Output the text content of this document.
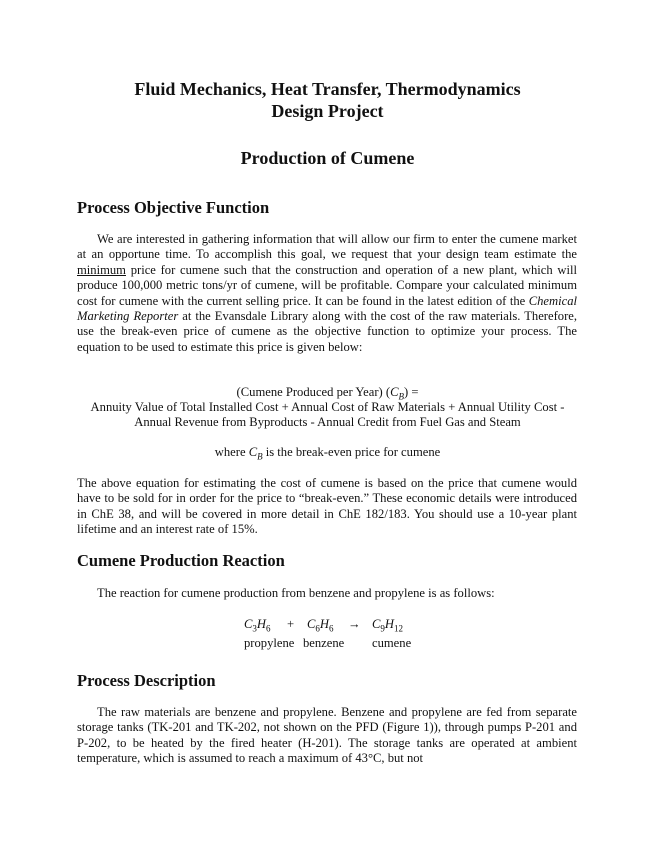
Fluid Mechanics, Heat Transfer, Thermodynamics
Design Project
Production of Cumene
Process Objective Function
We are interested in gathering information that will allow our firm to enter the cumene market at an opportune time. To accomplish this goal, we request that your design team estimate the minimum price for cumene such that the construction and operation of a new plant, which will produce 100,000 metric tons/yr of cumene, will be profitable. Compare your calculated minimum cost for cumene with the current selling price. It can be found in the latest edition of the Chemical Marketing Reporter at the Evansdale Library along with the cost of the raw materials. Therefore, use the break-even price of cumene as the objective function to optimize your process. The equation to be used to estimate this price is given below:
(Cumene Produced per Year) $(C_B)$ =
Annuity Value of Total Installed Cost + Annual Cost of Raw Materials + Annual Utility Cost -
Annual Revenue from Byproducts - Annual Credit from Fuel Gas and Steam
where $C_B$ is the break-even price for cumene
The above equation for estimating the cost of cumene is based on the price that cumene would have to be sold for in order for the price to “break-even.” These economic details were introduced in ChE 38, and will be covered in more detail in ChE 182/183. You should use a 10-year plant lifetime and an interest rate of 15%.
Cumene Production Reaction
The reaction for cumene production from benzene and propylene is as follows:
$C_3H_6 + C_6H_6 \to C_9H_{12}$
propylene benzene cumene
Process Description
The raw materials are benzene and propylene. Benzene and propylene are fed from separate storage tanks (TK-201 and TK-202, not shown on the PFD (Figure 1)), through pumps P-201 and P-202, to be heated by the fired heater (H-201). The storage tanks are operated at ambient temperature, which is assumed to reach a maximum of 43°C, but not
